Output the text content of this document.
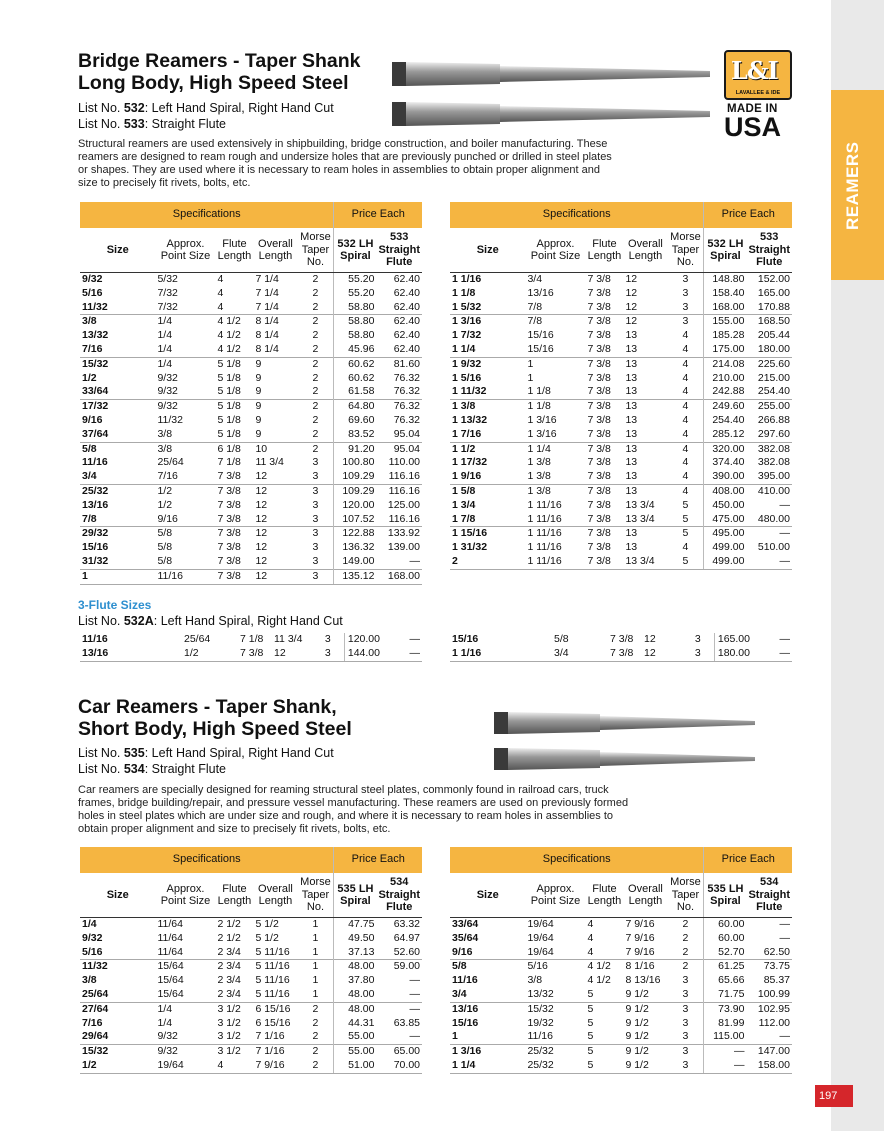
REAMERS
Bridge Reamers - Taper Shank
Long Body, High Speed Steel
List No. 532: Left Hand Spiral, Right Hand Cut
List No. 533: Straight Flute
Structural reamers are used extensively in shipbuilding, bridge construction, and boiler manufacturing. These reamers are designed to ream rough and undersize holes that are previously punched or drilled in steel plates or shapes. They are used where it is necessary to ream holes in assemblies to obtain proper alignment and size to precisely fit rivets, bolts, etc.
L&I
LAVALLEE & IDE
MADE IN
USA
Specifications					Price Each	
Size	Approx. Point Size	Flute Length	Overall Length	Morse Taper No.	532 LH Spiral	533 Straight Flute
9/32	5/32	4	7 1/4	2	55.20	62.40
5/16	7/32	4	7 1/4	2	55.20	62.40
11/32	7/32	4	7 1/4	2	58.80	62.40
3/8	1/4	4 1/2	8 1/4	2	58.80	62.40
13/32	1/4	4 1/2	8 1/4	2	58.80	62.40
7/16	1/4	4 1/2	8 1/4	2	45.96	62.40
15/32	1/4	5 1/8	9	2	60.62	81.60
1/2	9/32	5 1/8	9	2	60.62	76.32
33/64	9/32	5 1/8	9	2	61.58	76.32
17/32	9/32	5 1/8	9	2	64.80	76.32
9/16	11/32	5 1/8	9	2	69.60	76.32
37/64	3/8	5 1/8	9	2	83.52	95.04
5/8	3/8	6 1/8	10	2	91.20	95.04
11/16	25/64	7 1/8	11 3/4	3	100.80	110.00
3/4	7/16	7 3/8	12	3	109.29	116.16
25/32	1/2	7 3/8	12	3	109.29	116.16
13/16	1/2	7 3/8	12	3	120.00	125.00
7/8	9/16	7 3/8	12	3	107.52	116.16
29/32	5/8	7 3/8	12	3	122.88	133.92
15/16	5/8	7 3/8	12	3	136.32	139.00
31/32	5/8	7 3/8	12	3	149.00	—
1	11/16	7 3/8	12	3	135.12	168.00
Specifications					Price Each	
Size	Approx. Point Size	Flute Length	Overall Length	Morse Taper No.	532 LH Spiral	533 Straight Flute
1 1/16	3/4	7 3/8	12	3	148.80	152.00
1 1/8	13/16	7 3/8	12	3	158.40	165.00
1 5/32	7/8	7 3/8	12	3	168.00	170.88
1 3/16	7/8	7 3/8	12	3	155.00	168.50
1 7/32	15/16	7 3/8	13	4	185.28	205.44
1 1/4	15/16	7 3/8	13	4	175.00	180.00
1 9/32	1	7 3/8	13	4	214.08	225.60
1 5/16	1	7 3/8	13	4	210.00	215.00
1 11/32	1 1/8	7 3/8	13	4	242.88	254.40
1 3/8	1 1/8	7 3/8	13	4	249.60	255.00
1 13/32	1 3/16	7 3/8	13	4	254.40	266.88
1 7/16	1 3/16	7 3/8	13	4	285.12	297.60
1 1/2	1 1/4	7 3/8	13	4	320.00	382.08
1 17/32	1 3/8	7 3/8	13	4	374.40	382.08
1 9/16	1 3/8	7 3/8	13	4	390.00	395.00
1 5/8	1 3/8	7 3/8	13	4	408.00	410.00
1 3/4	1 11/16	7 3/8	13 3/4	5	450.00	—
1 7/8	1 11/16	7 3/8	13 3/4	5	475.00	480.00
1 15/16	1 11/16	7 3/8	13	5	495.00	—
1 31/32	1 11/16	7 3/8	13	4	499.00	510.00
2	1 11/16	7 3/8	13 3/4	5	499.00	—
3-Flute Sizes
List No. 532A: Left Hand Spiral, Right Hand Cut
11/16	25/64	7 1/8	11 3/4	3	120.00	—
13/16	1/2	7 3/8	12	3	144.00	—
15/16	5/8	7 3/8	12	3	165.00	—
1 1/16	3/4	7 3/8	12	3	180.00	—
Car Reamers - Taper Shank,
Short Body, High Speed Steel
List No. 535: Left Hand Spiral, Right Hand Cut
List No. 534: Straight Flute
Car reamers are specially designed for reaming structural steel plates, commonly found in railroad cars, truck frames, bridge building/repair, and pressure vessel manufacturing. These reamers are used on previously formed holes in steel plates which are under size and rough, and where it is necessary to ream holes in assemblies to obtain proper alignment and size to precisely fit rivets, bolts, etc.
Specifications					Price Each	
Size	Approx. Point Size	Flute Length	Overall Length	Morse Taper No.	535 LH Spiral	534 Straight Flute
1/4	11/64	2 1/2	5 1/2	1	47.75	63.32
9/32	11/64	2 1/2	5 1/2	1	49.50	64.97
5/16	11/64	2 3/4	5 11/16	1	37.13	52.60
11/32	15/64	2 3/4	5 11/16	1	48.00	59.00
3/8	15/64	2 3/4	5 11/16	1	37.80	—
25/64	15/64	2 3/4	5 11/16	1	48.00	—
27/64	1/4	3 1/2	6 15/16	2	48.00	—
7/16	1/4	3 1/2	6 15/16	2	44.31	63.85
29/64	9/32	3 1/2	7 1/16	2	55.00	—
15/32	9/32	3 1/2	7 1/16	2	55.00	65.00
1/2	19/64	4	7 9/16	2	51.00	70.00
Specifications					Price Each	
Size	Approx. Point Size	Flute Length	Overall Length	Morse Taper No.	535 LH Spiral	534 Straight Flute
33/64	19/64	4	7 9/16	2	60.00	—
35/64	19/64	4	7 9/16	2	60.00	—
9/16	19/64	4	7 9/16	2	52.70	62.50
5/8	5/16	4 1/2	8 1/16	2	61.25	73.75
11/16	3/8	4 1/2	8 13/16	3	65.66	85.37
3/4	13/32	5	9 1/2	3	71.75	100.99
13/16	15/32	5	9 1/2	3	73.90	102.95
15/16	19/32	5	9 1/2	3	81.99	112.00
1	11/16	5	9 1/2	3	115.00	—
1 3/16	25/32	5	9 1/2	3	—	147.00
1 1/4	25/32	5	9 1/2	3	—	158.00
197
